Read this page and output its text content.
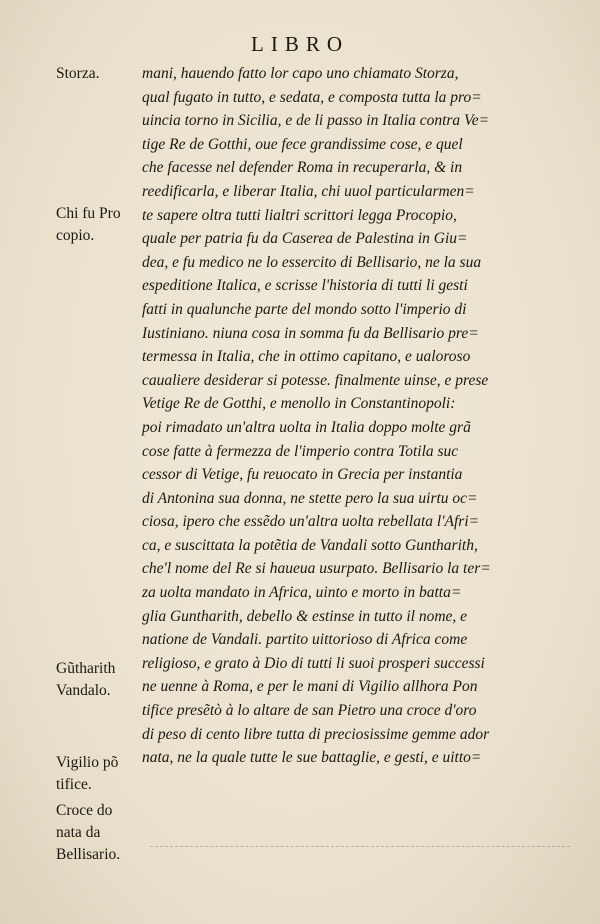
LIBRO
mani, hauendo fatto lor capo uno chiamato Storza,
qual fugato in tutto, e sedata, e composta tutta la pro=
uincia torno in Sicilia, e de li passo in Italia contra Ve=
tige Re de Gotthi, oue fece grandissime cose, e quel
che facesse nel defender Roma in recuperarla, & in
reedificarla, e liberar Italia, chi uuol particularmen=
te sapere oltra tutti lialtri scrittori legga Procopio,
quale per patria fu da Caserea de Palestina in Giu=
dea, e fu medico ne lo essercito di Bellisario, ne la sua
espeditione Italica, e scrisse l'historia di tutti li gesti
fatti in qualunche parte del mondo sotto l'imperio di
Iustiniano. niuna cosa in somma fu da Bellisario pre=
termessa in Italia, che in ottimo capitano, e ualoroso
caualiere desiderar si potesse. finalmente uinse, e prese
Vetige Re de Gotthi, e menollo in Constantinopoli:
poi rimadato un'altra uolta in Italia doppo molte grã
cose fatte à fermezza de l'imperio contra Totila suc
cessor di Vetige, fu reuocato in Grecia per instantia
di Antonina sua donna, ne stette pero la sua uirtu oc=
ciosa, ipero che essẽdo un'altra uolta rebellata l'Afri=
ca, e suscittata la potẽtia de Vandali sotto Guntharith,
che'l nome del Re si haueua usurpato. Bellisario la ter=
za uolta mandato in Africa, uinto e morto in batta=
glia Guntharith, debello & estinse in tutto il nome, e
natione de Vandali. partito uittorioso di Africa come
religioso, e grato à Dio di tutti li suoi prosperi successi
ne uenne à Roma, e per le mani di Vigilio allhora Pon
tifice presẽtò à lo altare de san Pietro una croce d'oro
di peso di cento libre tutta di preciosissime gemme ador
nata, ne la quale tutte le sue battaglie, e gesti, e uitto=
Storza.
Chi fu Pro
copio.
Gũtharith
Vandalo.
Vigilio põ
tifice.
Croce do
nata da
Bellisario.
